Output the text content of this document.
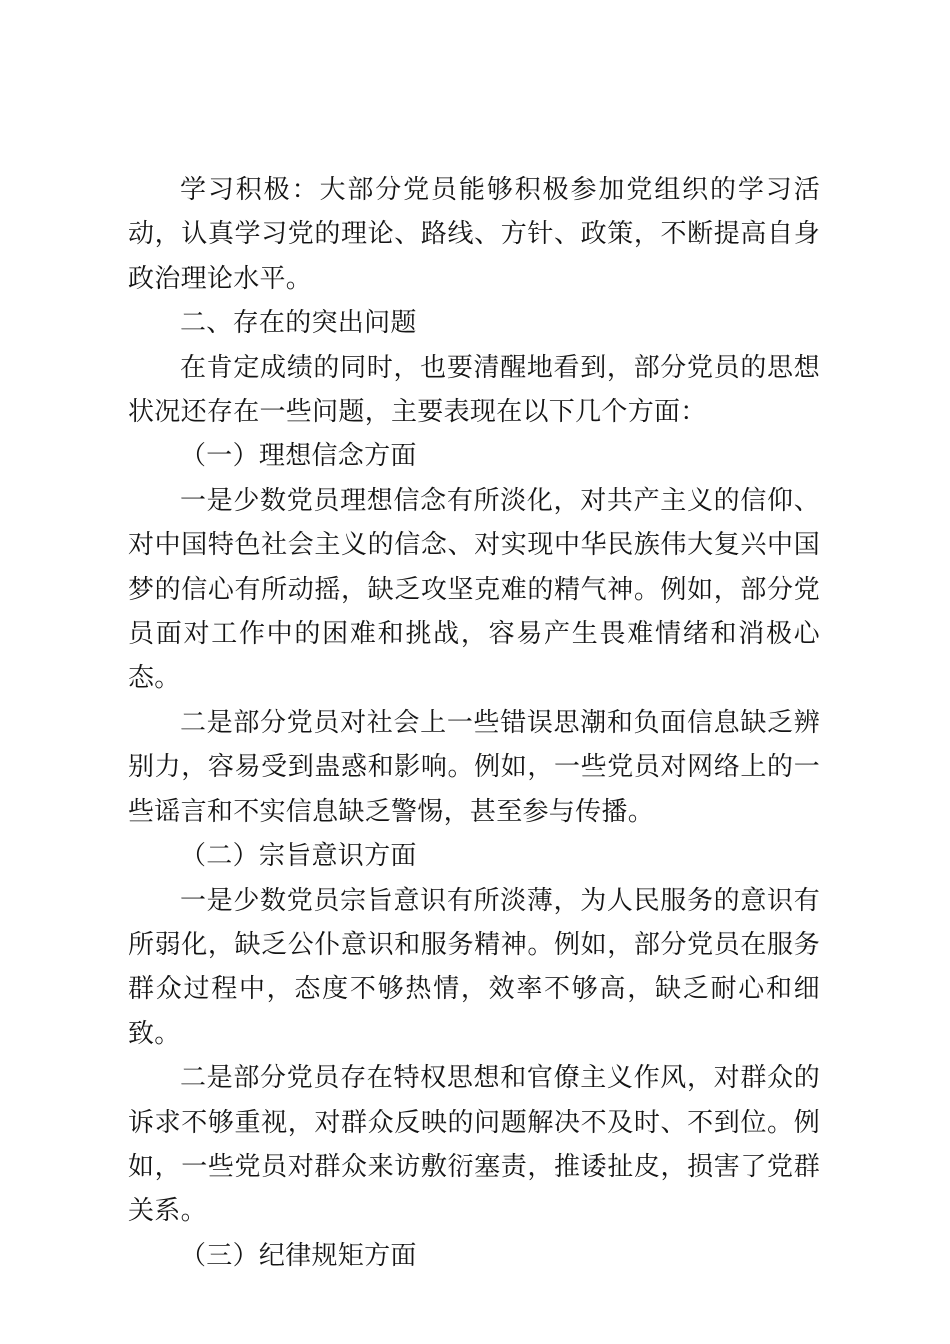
学习积极：大部分党员能够积极参加党组织的学习活动，认真学习党的理论、路线、方针、政策，不断提高自身政治理论水平。

二、存在的突出问题

在肯定成绩的同时，也要清醒地看到，部分党员的思想状况还存在一些问题，主要表现在以下几个方面：

（一）理想信念方面

一是少数党员理想信念有所淡化，对共产主义的信仰、对中国特色社会主义的信念、对实现中华民族伟大复兴中国梦的信心有所动摇，缺乏攻坚克难的精气神。例如，部分党员面对工作中的困难和挑战，容易产生畏难情绪和消极心态。

二是部分党员对社会上一些错误思潮和负面信息缺乏辨别力，容易受到蛊惑和影响。例如，一些党员对网络上的一些谣言和不实信息缺乏警惕，甚至参与传播。

（二）宗旨意识方面

一是少数党员宗旨意识有所淡薄，为人民服务的意识有所弱化，缺乏公仆意识和服务精神。例如，部分党员在服务群众过程中，态度不够热情，效率不够高，缺乏耐心和细致。

二是部分党员存在特权思想和官僚主义作风，对群众的诉求不够重视，对群众反映的问题解决不及时、不到位。例如，一些党员对群众来访敷衍塞责，推诿扯皮，损害了党群关系。

（三）纪律规矩方面
